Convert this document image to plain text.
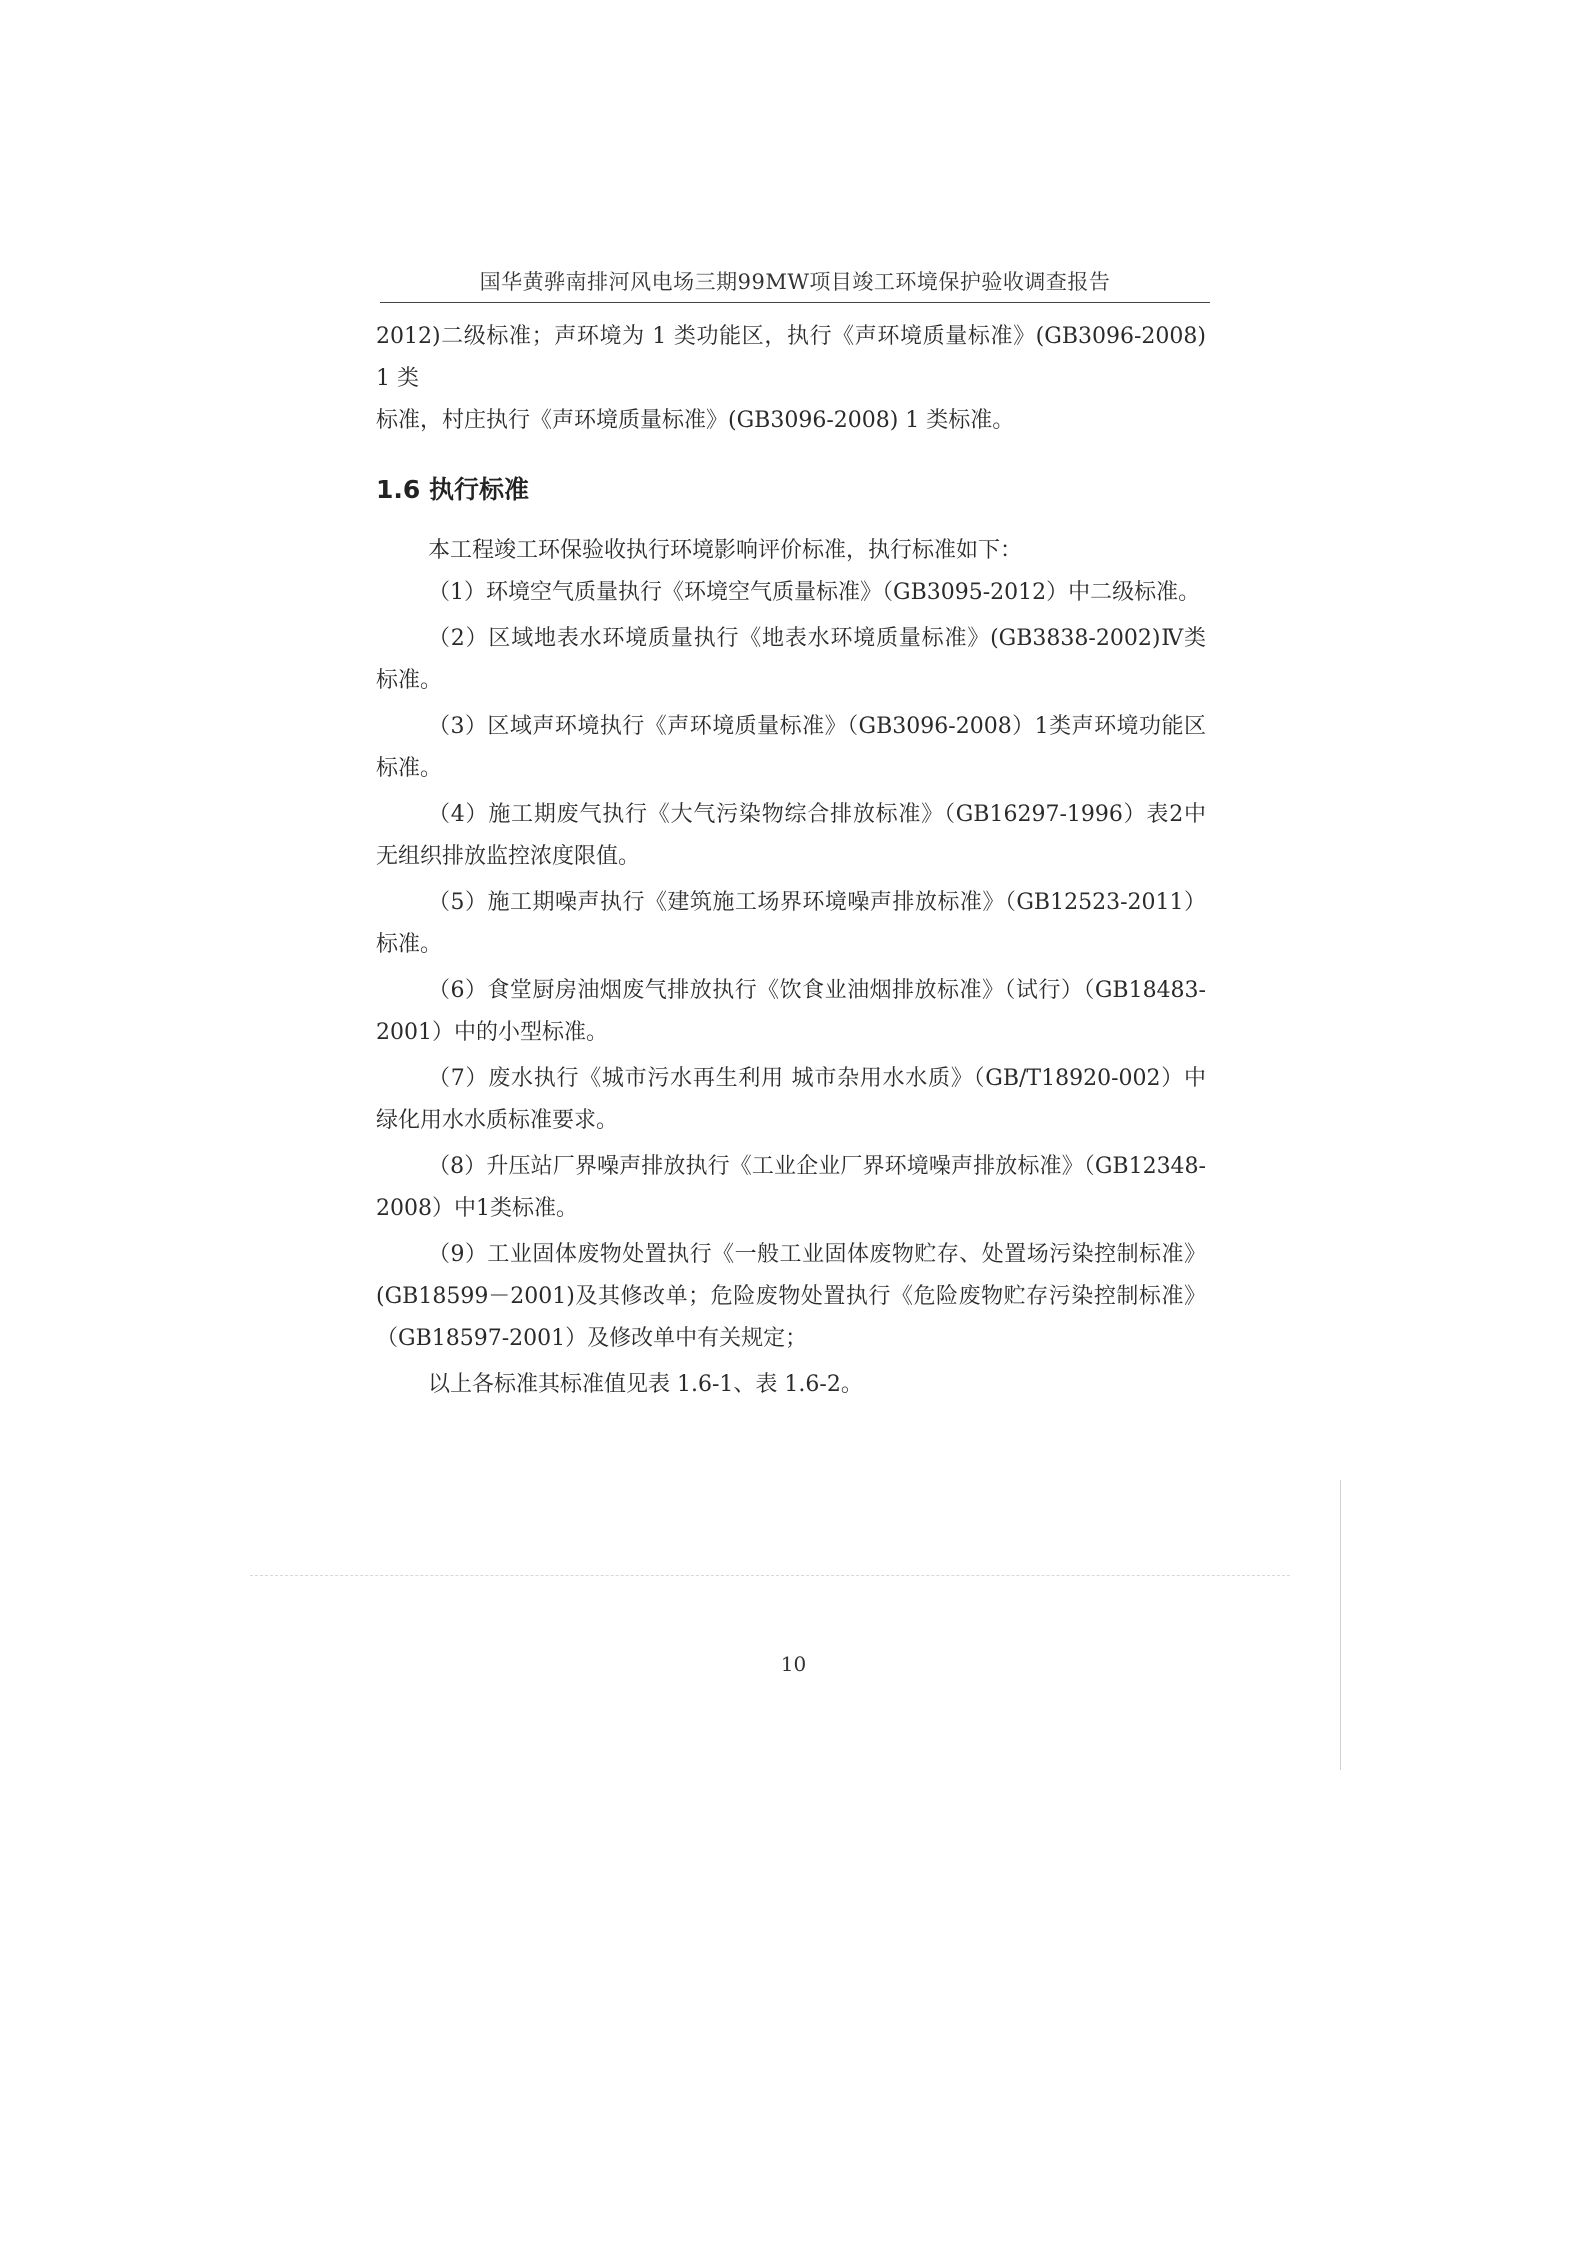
国华黄骅南排河风电场三期99MW项目竣工环境保护验收调查报告

2012)二级标准；声环境为 1 类功能区，执行《声环境质量标准》(GB3096-2008) 1 类

标准，村庄执行《声环境质量标准》(GB3096-2008) 1 类标准。

1.6 执行标准

本工程竣工环保验收执行环境影响评价标准，执行标准如下：

（1）环境空气质量执行《环境空气质量标准》（GB3095-2012）中二级标准。

（2）区域地表水环境质量执行《地表水环境质量标准》(GB3838-2002)Ⅳ类标准。

（3）区域声环境执行《声环境质量标准》（GB3096-2008）1类声环境功能区标准。

（4）施工期废气执行《大气污染物综合排放标准》（GB16297-1996）表2中无组织排放监控浓度限值。

（5）施工期噪声执行《建筑施工场界环境噪声排放标准》（GB12523-2011）标准。

（6）食堂厨房油烟废气排放执行《饮食业油烟排放标准》（试行）（GB18483-2001）中的小型标准。

（7）废水执行《城市污水再生利用 城市杂用水水质》（GB/T18920-002）中绿化用水水质标准要求。

（8）升压站厂界噪声排放执行《工业企业厂界环境噪声排放标准》（GB12348-2008）中1类标准。

（9）工业固体废物处置执行《一般工业固体废物贮存、处置场污染控制标准》(GB18599－2001)及其修改单；危险废物处置执行《危险废物贮存污染控制标准》（GB18597-2001）及修改单中有关规定；

以上各标准其标准值见表 1.6-1、表 1.6-2。

10
